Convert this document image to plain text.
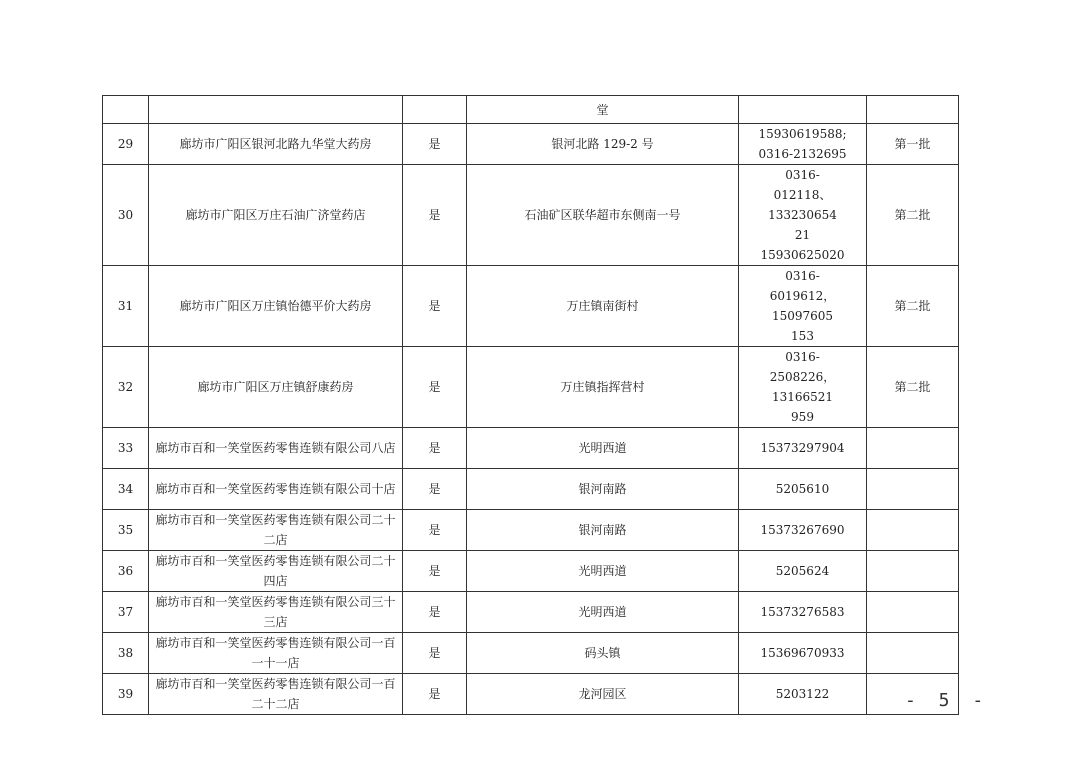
			堂	

29	廊坊市广阳区银河北路九华堂大药房	是	银河北路 129-2 号	15930619588;
0316-2132695	第一批
30	廊坊市广阳区万庄石油广济堂药店	是	石油矿区联华超市东侧南一号	0316-
012118、133230654
21
15930625020	第二批
31	廊坊市广阳区万庄镇怡德平价大药房	是	万庄镇南街村	0316-
6019612，15097605
153	第二批
32	廊坊市广阳区万庄镇舒康药房	是	万庄镇指挥营村	0316-
2508226，13166521
959	第二批
33	廊坊市百和一笑堂医药零售连锁有限公司八店	是	光明西道	15373297904	

34	廊坊市百和一笑堂医药零售连锁有限公司十店	是	银河南路	5205610	

35	廊坊市百和一笑堂医药零售连锁有限公司二十二店	是	银河南路	15373267690	

36	廊坊市百和一笑堂医药零售连锁有限公司二十四店	是	光明西道	5205624	

37	廊坊市百和一笑堂医药零售连锁有限公司三十三店	是	光明西道	15373276583	

38	廊坊市百和一笑堂医药零售连锁有限公司一百一十一店	是	码头镇	15369670933	

39	廊坊市百和一笑堂医药零售连锁有限公司一百二十二店	是	龙河园区	5203122	
		- 5 -
